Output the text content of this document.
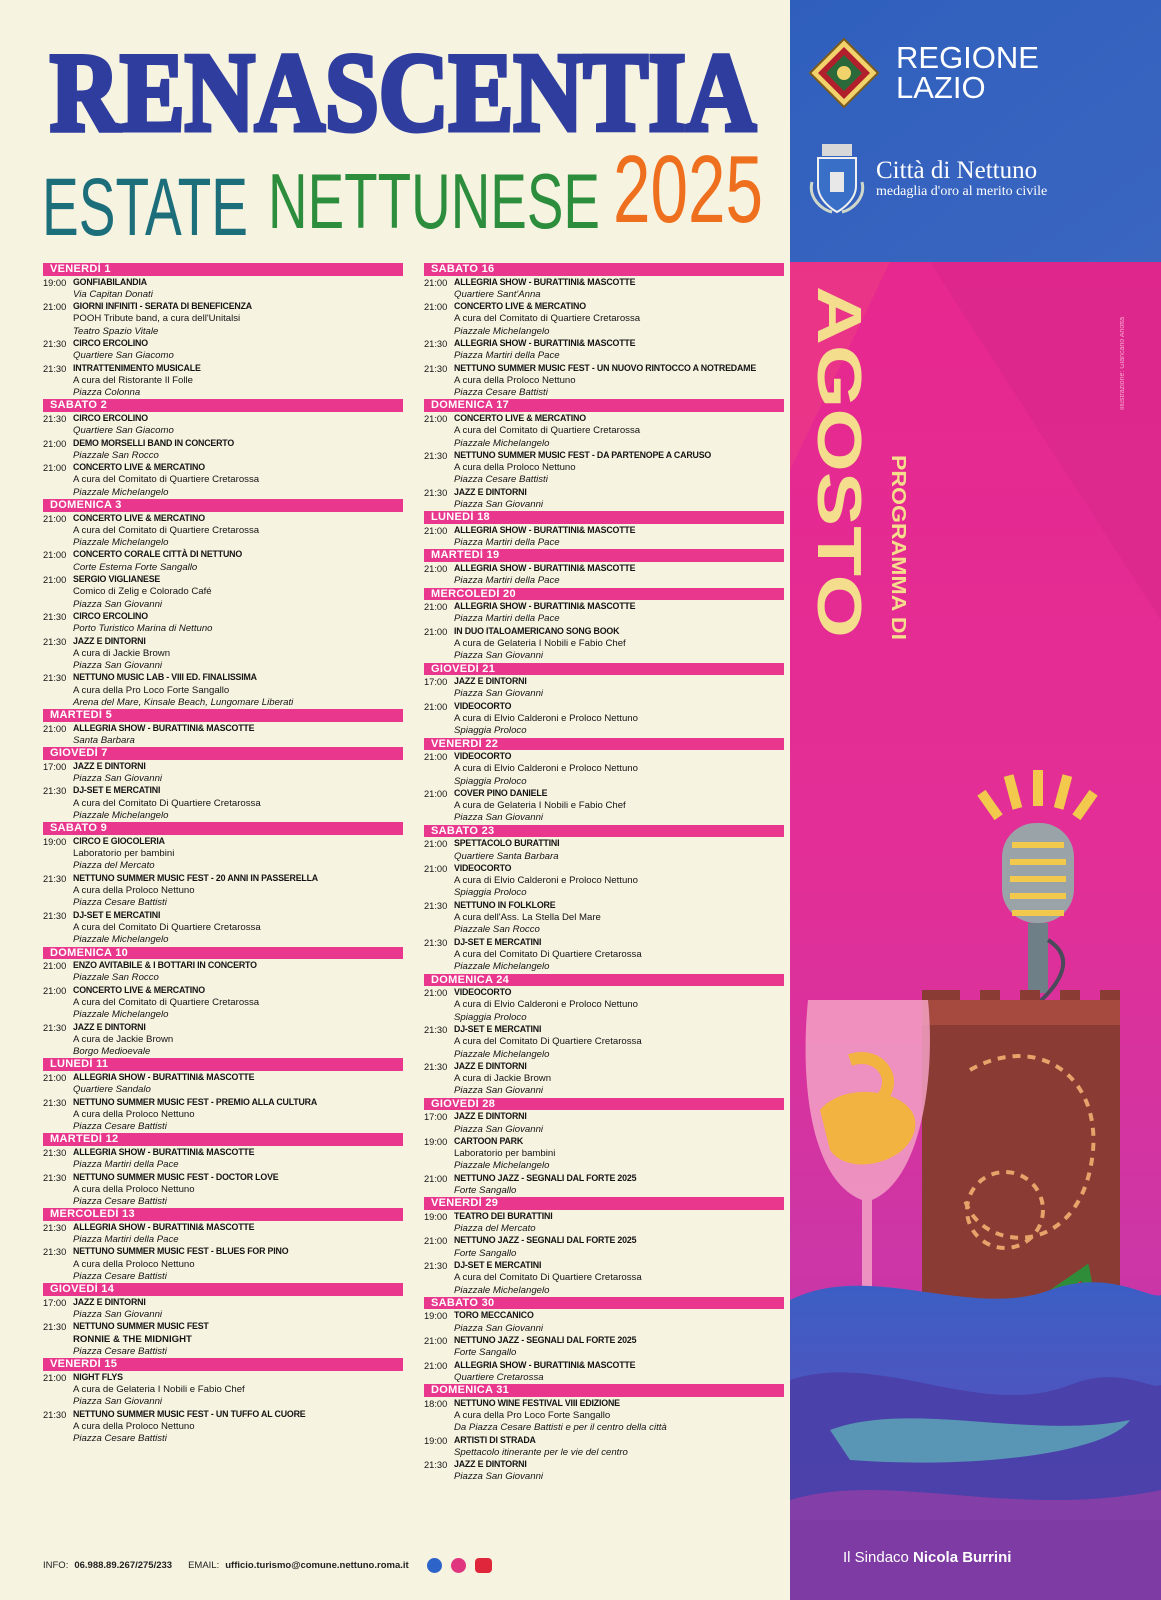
RENASCENTIA
ESTATE NETTUNESE 2025
VENERDÌ 1
19:00 GONFIABILANDIA
Via Capitan Donati
21:00 GIORNI INFINITI - SERATA DI BENEFICENZA
POOH Tribute band, a cura dell'Unitalsi
Teatro Spazio Vitale
21:30 CIRCO ERCOLINO
Quartiere San Giacomo
21:30 INTRATTENIMENTO MUSICALE
A cura del Ristorante Il Folle
Piazza Colonna
SABATO 2
21:30 CIRCO ERCOLINO
Quartiere San Giacomo
21:00 DEMO MORSELLI BAND IN CONCERTO
Piazzale San Rocco
21:00 CONCERTO LIVE & MERCATINO
A cura del Comitato di Quartiere Cretarossa
Piazzale Michelangelo
DOMENICA 3
21:00 CONCERTO LIVE & MERCATINO
A cura del Comitato di Quartiere Cretarossa
Piazzale Michelangelo
21:00 CONCERTO CORALE CITTÀ DI NETTUNO
Corte Esterna Forte Sangallo
21:00 SERGIO VIGLIANESE
Comico di Zelig e Colorado Café
Piazza San Giovanni
21:30 CIRCO ERCOLINO
Porto Turistico Marina di Nettuno
21:30 JAZZ E DINTORNI
A cura di Jackie Brown
Piazza San Giovanni
21:30 NETTUNO MUSIC LAB - VIII ED. FINALISSIMA
A cura della Pro Loco Forte Sangallo
Arena del Mare, Kinsale Beach, Lungomare Liberati
MARTEDÌ 5
21:00 ALLEGRIA SHOW - BURATTINI& MASCOTTE
Santa Barbara
GIOVEDÌ 7
17:00 JAZZ E DINTORNI
Piazza San Giovanni
21:30 DJ-SET E MERCATINI
A cura del Comitato Di Quartiere Cretarossa
Piazzale Michelangelo
SABATO 9
19:00 CIRCO E GIOCOLERIA
Laboratorio per bambini
Piazza del Mercato
21:30 NETTUNO SUMMER MUSIC FEST - 20 ANNI IN PASSERELLA
A cura della Proloco Nettuno
Piazza Cesare Battisti
21:30 DJ-SET E MERCATINI
A cura del Comitato Di Quartiere Cretarossa
Piazzale Michelangelo
DOMENICA 10
21:00 ENZO AVITABILE & I BOTTARI IN CONCERTO
Piazzale San Rocco
21:00 CONCERTO LIVE & MERCATINO
A cura del Comitato di Quartiere Cretarossa
Piazzale Michelangelo
21:30 JAZZ E DINTORNI
A cura de Jackie Brown
Borgo Medioevale
LUNEDÌ 11
21:00 ALLEGRIA SHOW - BURATTINI& MASCOTTE
Quartiere Sandalo
21:30 NETTUNO SUMMER MUSIC FEST - PREMIO ALLA CULTURA
A cura della Proloco Nettuno
Piazza Cesare Battisti
MARTEDÌ 12
21:30 ALLEGRIA SHOW - BURATTINI& MASCOTTE
Piazza Martiri della Pace
21:30 NETTUNO SUMMER MUSIC FEST - DOCTOR LOVE
A cura della Proloco Nettuno
Piazza Cesare Battisti
MERCOLEDÌ 13
21:30 ALLEGRIA SHOW - BURATTINI& MASCOTTE
Piazza Martiri della Pace
21:30 NETTUNO SUMMER MUSIC FEST - BLUES FOR PINO
A cura della Proloco Nettuno
Piazza Cesare Battisti
GIOVEDÌ 14
17:00 JAZZ E DINTORNI
Piazza San Giovanni
21:30 NETTUNO SUMMER MUSIC FEST
RONNIE & THE MIDNIGHT
Piazza Cesare Battisti
VENERDÌ 15
21:00 NIGHT FLYS
A cura de Gelateria I Nobili e Fabio Chef
Piazza San Giovanni
21:30 NETTUNO SUMMER MUSIC FEST - UN TUFFO AL CUORE
A cura della Proloco Nettuno
Piazza Cesare Battisti
SABATO 16
21:00 ALLEGRIA SHOW - BURATTINI& MASCOTTE
Quartiere Sant'Anna
21:00 CONCERTO LIVE & MERCATINO
A cura del Comitato di Quartiere Cretarossa
Piazzale Michelangelo
21:30 ALLEGRIA SHOW - BURATTINI& MASCOTTE
Piazza Martiri della Pace
21:30 NETTUNO SUMMER MUSIC FEST - UN NUOVO RINTOCCO A NOTREDAME
A cura della Proloco Nettuno
Piazza Cesare Battisti
DOMENICA 17
21:00 CONCERTO LIVE & MERCATINO
A cura del Comitato di Quartiere Cretarossa
Piazzale Michelangelo
21:30 NETTUNO SUMMER MUSIC FEST - DA PARTENOPE A CARUSO
A cura della Proloco Nettuno
Piazza Cesare Battisti
21:30 JAZZ E DINTORNI
Piazza San Giovanni
LUNEDÌ 18
21:00 ALLEGRIA SHOW - BURATTINI& MASCOTTE
Piazza Martiri della Pace
MARTEDÌ 19
21:00 ALLEGRIA SHOW - BURATTINI& MASCOTTE
Piazza Martiri della Pace
MERCOLEDÌ 20
21:00 ALLEGRIA SHOW - BURATTINI& MASCOTTE
Piazza Martiri della Pace
21:00 IN DUO ITALOAMERICANO SONG BOOK
A cura de Gelateria I Nobili e Fabio Chef
Piazza San Giovanni
GIOVEDÌ 21
17:00 JAZZ E DINTORNI
Piazza San Giovanni
21:00 VIDEOCORTO
A cura di Elvio Calderoni e Proloco Nettuno
Spiaggia Proloco
VENERDÌ 22
21:00 VIDEOCORTO
A cura di Elvio Calderoni e Proloco Nettuno
Spiaggia Proloco
21:00 COVER PINO DANIELE
A cura de Gelateria I Nobili e Fabio Chef
Piazza San Giovanni
SABATO 23
21:00 SPETTACOLO BURATTINI
Quartiere Santa Barbara
21:00 VIDEOCORTO
A cura di Elvio Calderoni e Proloco Nettuno
Spiaggia Proloco
21:30 NETTUNO IN FOLKLORE
A cura dell'Ass. La Stella Del Mare
Piazzale San Rocco
21:30 DJ-SET E MERCATINI
A cura del Comitato Di Quartiere Cretarossa
Piazzale Michelangelo
DOMENICA 24
21:00 VIDEOCORTO
A cura di Elvio Calderoni e Proloco Nettuno
Spiaggia Proloco
21:30 DJ-SET E MERCATINI
A cura del Comitato Di Quartiere Cretarossa
Piazzale Michelangelo
21:30 JAZZ E DINTORNI
A cura di Jackie Brown
Piazza San Giovanni
GIOVEDÌ 28
17:00 JAZZ E DINTORNI
Piazza San Giovanni
19:00 CARTOON PARK
Laboratorio per bambini
Piazzale Michelangelo
21:00 NETTUNO JAZZ - SEGNALI DAL FORTE 2025
Forte Sangallo
VENERDÌ 29
19:00 TEATRO DEI BURATTINI
Piazza del Mercato
21:00 NETTUNO JAZZ - SEGNALI DAL FORTE 2025
Forte Sangallo
21:30 DJ-SET E MERCATINI
A cura del Comitato Di Quartiere Cretarossa
Piazzale Michelangelo
SABATO 30
19:00 TORO MECCANICO
Piazza San Giovanni
21:00 NETTUNO JAZZ - SEGNALI DAL FORTE 2025
Forte Sangallo
21:00 ALLEGRIA SHOW - BURATTINI& MASCOTTE
Quartiere Cretarossa
DOMENICA 31
18:00 NETTUNO WINE FESTIVAL VIII EDIZIONE
A cura della Pro Loco Forte Sangallo
Da Piazza Cesare Battisti e per il centro della città
19:00 ARTISTI DI STRADA
Spettacolo itinerante per le vie del centro
21:30 JAZZ E DINTORNI
Piazza San Giovanni
INFO: 06.988.89.267/275/233 EMAIL: ufficio.turismo@comune.nettuno.roma.it
REGIONE
LAZIO
Città di Nettuno
medaglia d'oro al merito civile
AGOSTO PROGRAMMA DI
Illustrazione: Giancarlo Arlotta
Il Sindaco Nicola Burrini
